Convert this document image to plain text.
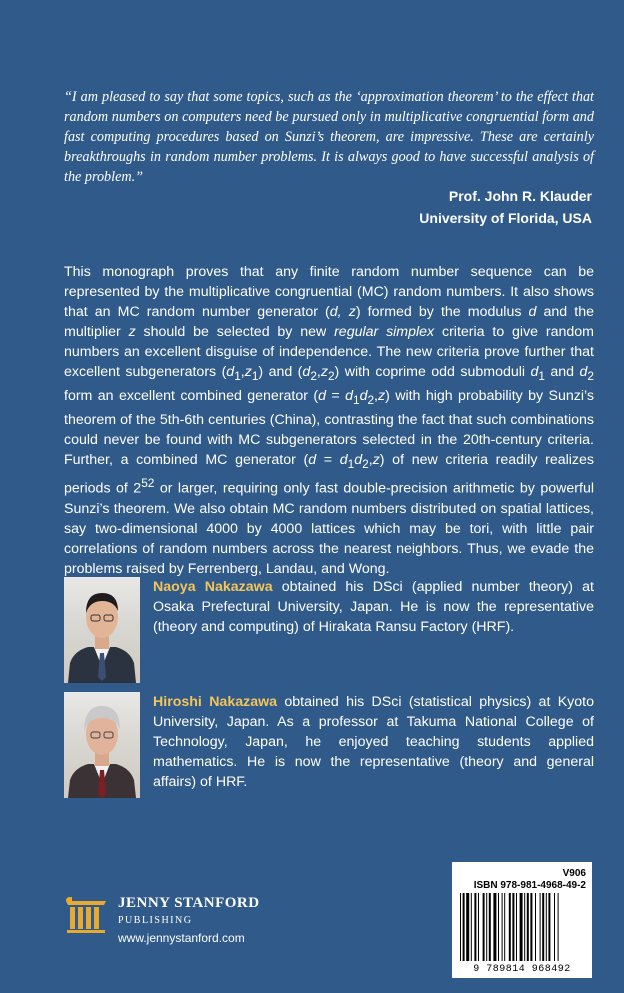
“I am pleased to say that some topics, such as the ‘approximation theorem’ to the effect that random numbers on computers need be pursued only in multiplicative congruential form and fast computing procedures based on Sunzi’s theorem, are impressive. These are certainly breakthroughs in random number problems. It is always good to have successful analysis of the problem.”
Prof. John R. Klauder
University of Florida, USA
This monograph proves that any finite random number sequence can be represented by the multiplicative congruential (MC) random numbers. It also shows that an MC random number generator (d, z) formed by the modulus d and the multiplier z should be selected by new regular simplex criteria to give random numbers an excellent disguise of independence. The new criteria prove further that excellent subgenerators $(d_1,z_1)$ and $(d_2,z_2)$ with coprime odd submoduli $d_1$ and $d_2$ form an excellent combined generator $(d = d_1d_2,z)$ with high probability by Sunzi’s theorem of the 5th-6th centuries (China), contrasting the fact that such combinations could never be found with MC subgenerators selected in the 20th-century criteria. Further, a combined MC generator $(d = d_1d_2,z)$ of new criteria readily realizes periods of $2^{52}$ or larger, requiring only fast double-precision arithmetic by powerful Sunzi’s theorem. We also obtain MC random numbers distributed on spatial lattices, say two-dimensional 4000 by 4000 lattices which may be tori, with little pair correlations of random numbers across the nearest neighbors. Thus, we evade the problems raised by Ferrenberg, Landau, and Wong.
Naoya Nakazawa obtained his DSci (applied number theory) at Osaka Prefectural University, Japan. He is now the representative (theory and computing) of Hirakata Ransu Factory (HRF).
Hiroshi Nakazawa obtained his DSci (statistical physics) at Kyoto University, Japan. As a professor at Takuma National College of Technology, Japan, he enjoyed teaching students applied mathematics. He is now the representative (theory and general affairs) of HRF.
V906
ISBN 978-981-4968-49-2
9 789814 968492
JENNY STANFORD
PUBLISHING
www.jennystanford.com
